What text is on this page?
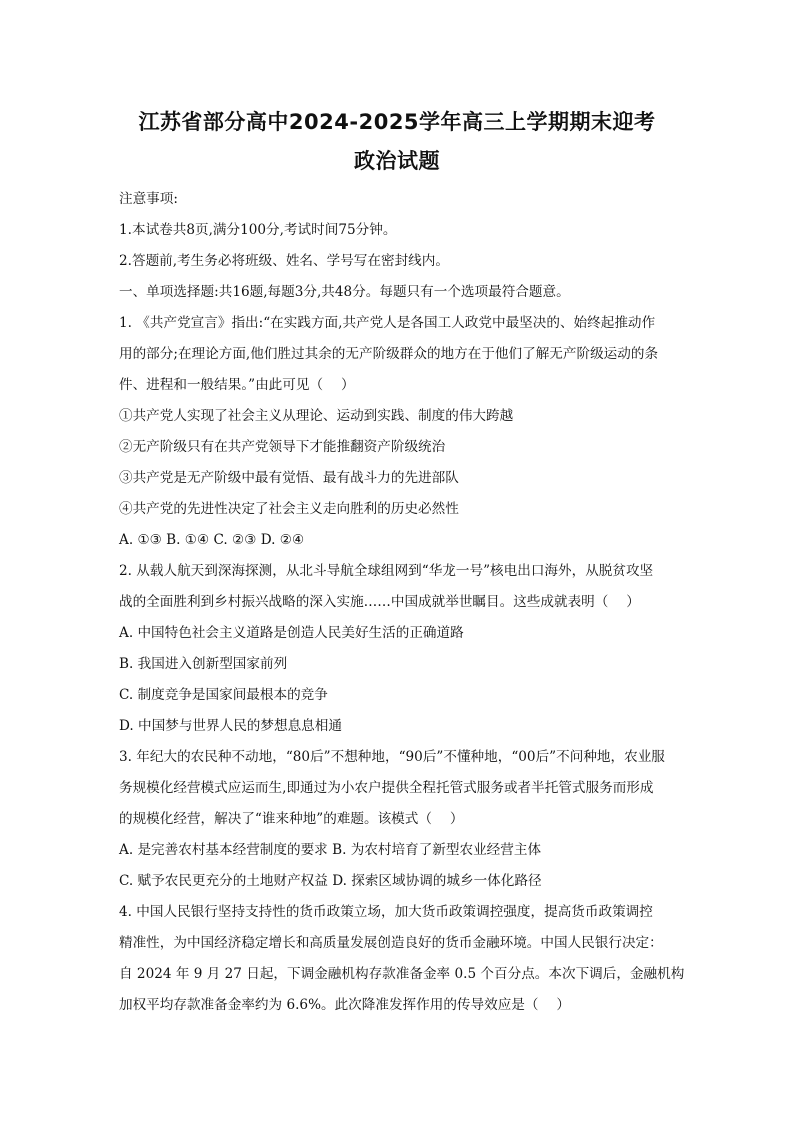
江苏省部分高中2024-2025学年高三上学期期末迎考
政治试题
注意事项:
1.本试卷共8页,满分100分,考试时间75分钟。
2.答题前,考生务必将班级、姓名、学号写在密封线内。
一、单项选择题:共16题,每题3分,共48分。每题只有一个选项最符合题意。
1. 《共产党宣言》指出:“在实践方面,共产党人是各国工人政党中最坚决的、始终起推动作
用的部分;在理论方面,他们胜过其余的无产阶级群众的地方在于他们了解无产阶级运动的条
件、进程和一般结果。”由此可见（　 ）
①共产党人实现了社会主义从理论、运动到实践、制度的伟大跨越
②无产阶级只有在共产党领导下才能推翻资产阶级统治
③共产党是无产阶级中最有觉悟、最有战斗力的先进部队
④共产党的先进性决定了社会主义走向胜利的历史必然性
A. ①③ B. ①④ C. ②③ D. ②④
2. 从载人航天到深海探测，从北斗导航全球组网到“华龙一号”核电出口海外，从脱贫攻坚
战的全面胜利到乡村振兴战略的深入实施……中国成就举世瞩目。这些成就表明（　 ）
A. 中国特色社会主义道路是创造人民美好生活的正确道路
B. 我国进入创新型国家前列
C. 制度竞争是国家间最根本的竞争
D. 中国梦与世界人民的梦想息息相通
3. 年纪大的农民种不动地，“80后”不想种地，“90后”不懂种地，“00后”不问种地，农业服
务规模化经营模式应运而生,即通过为小农户提供全程托管式服务或者半托管式服务而形成
的规模化经营，解决了“谁来种地”的难题。该模式（　 ）
A. 是完善农村基本经营制度的要求 B. 为农村培育了新型农业经营主体
C. 赋予农民更充分的土地财产权益 D. 探索区域协调的城乡一体化路径
4. 中国人民银行坚持支持性的货币政策立场，加大货币政策调控强度，提高货币政策调控
精准性，为中国经济稳定增长和高质量发展创造良好的货币金融环境。中国人民银行决定：
自 2024 年 9 月 27 日起，下调金融机构存款准备金率 0.5 个百分点。本次下调后，金融机构
加权平均存款准备金率约为 6.6%。此次降准发挥作用的传导效应是（　 ）
